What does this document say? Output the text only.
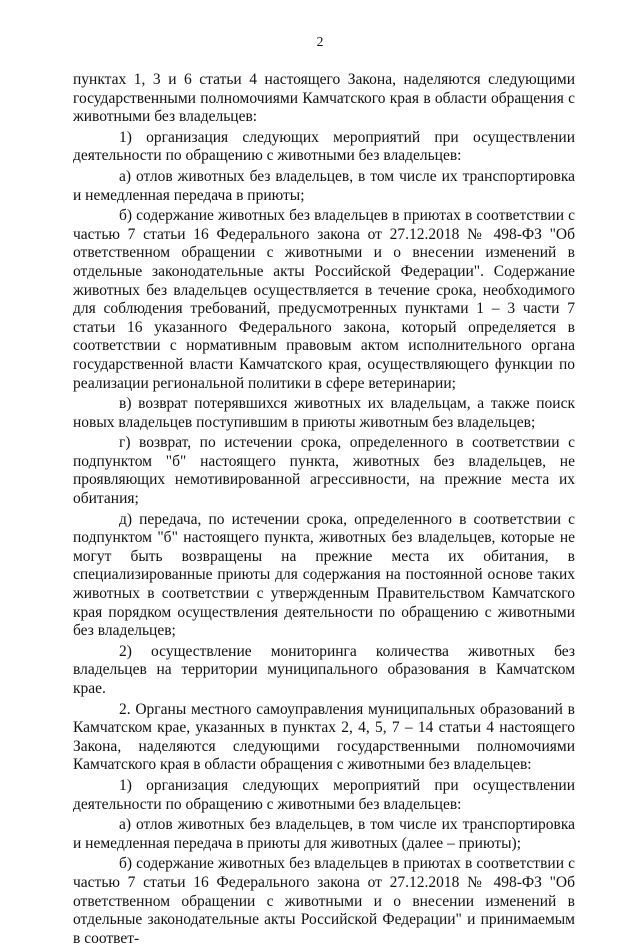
2

пунктах 1, 3 и 6 статьи 4 настоящего Закона, наделяются следующими государственными полномочиями Камчатского края в области обращения с животными без владельцев:

1) организация следующих мероприятий при осуществлении деятельности по обращению с животными без владельцев:

а) отлов животных без владельцев, в том числе их транспортировка и немедленная передача в приюты;

б) содержание животных без владельцев в приютах в соответствии с частью 7 статьи 16 Федерального закона от 27.12.2018 № 498-ФЗ "Об ответственном обращении с животными и о внесении изменений в отдельные законодательные акты Российской Федерации". Содержание животных без владельцев осуществляется в течение срока, необходимого для соблюдения требований, предусмотренных пунктами 1 – 3 части 7 статьи 16 указанного Федерального закона, который определяется в соответствии с нормативным правовым актом исполнительного органа государственной власти Камчатского края, осуществляющего функции по реализации региональной политики в сфере ветеринарии;

в) возврат потерявшихся животных их владельцам, а также поиск новых владельцев поступившим в приюты животным без владельцев;

г) возврат, по истечении срока, определенного в соответствии с подпунктом "б" настоящего пункта, животных без владельцев, не проявляющих немотивированной агрессивности, на прежние места их обитания;

д) передача, по истечении срока, определенного в соответствии с подпунктом "б" настоящего пункта, животных без владельцев, которые не могут быть возвращены на прежние места их обитания, в специализированные приюты для содержания на постоянной основе таких животных в соответствии с утвержденным Правительством Камчатского края порядком осуществления деятельности по обращению с животными без владельцев;

2) осуществление мониторинга количества животных без владельцев на территории муниципального образования в Камчатском крае.

2. Органы местного самоуправления муниципальных образований в Камчатском крае, указанных в пунктах 2, 4, 5, 7 – 14 статьи 4 настоящего Закона, наделяются следующими государственными полномочиями Камчатского края в области обращения с животными без владельцев:

1) организация следующих мероприятий при осуществлении деятельности по обращению с животными без владельцев:

а) отлов животных без владельцев, в том числе их транспортировка и немедленная передача в приюты для животных (далее – приюты);

б) содержание животных без владельцев в приютах в соответствии с частью 7 статьи 16 Федерального закона от 27.12.2018 № 498-ФЗ "Об ответственном обращении с животными и о внесении изменений в отдельные законодательные акты Российской Федерации" и принимаемым в соответ-
